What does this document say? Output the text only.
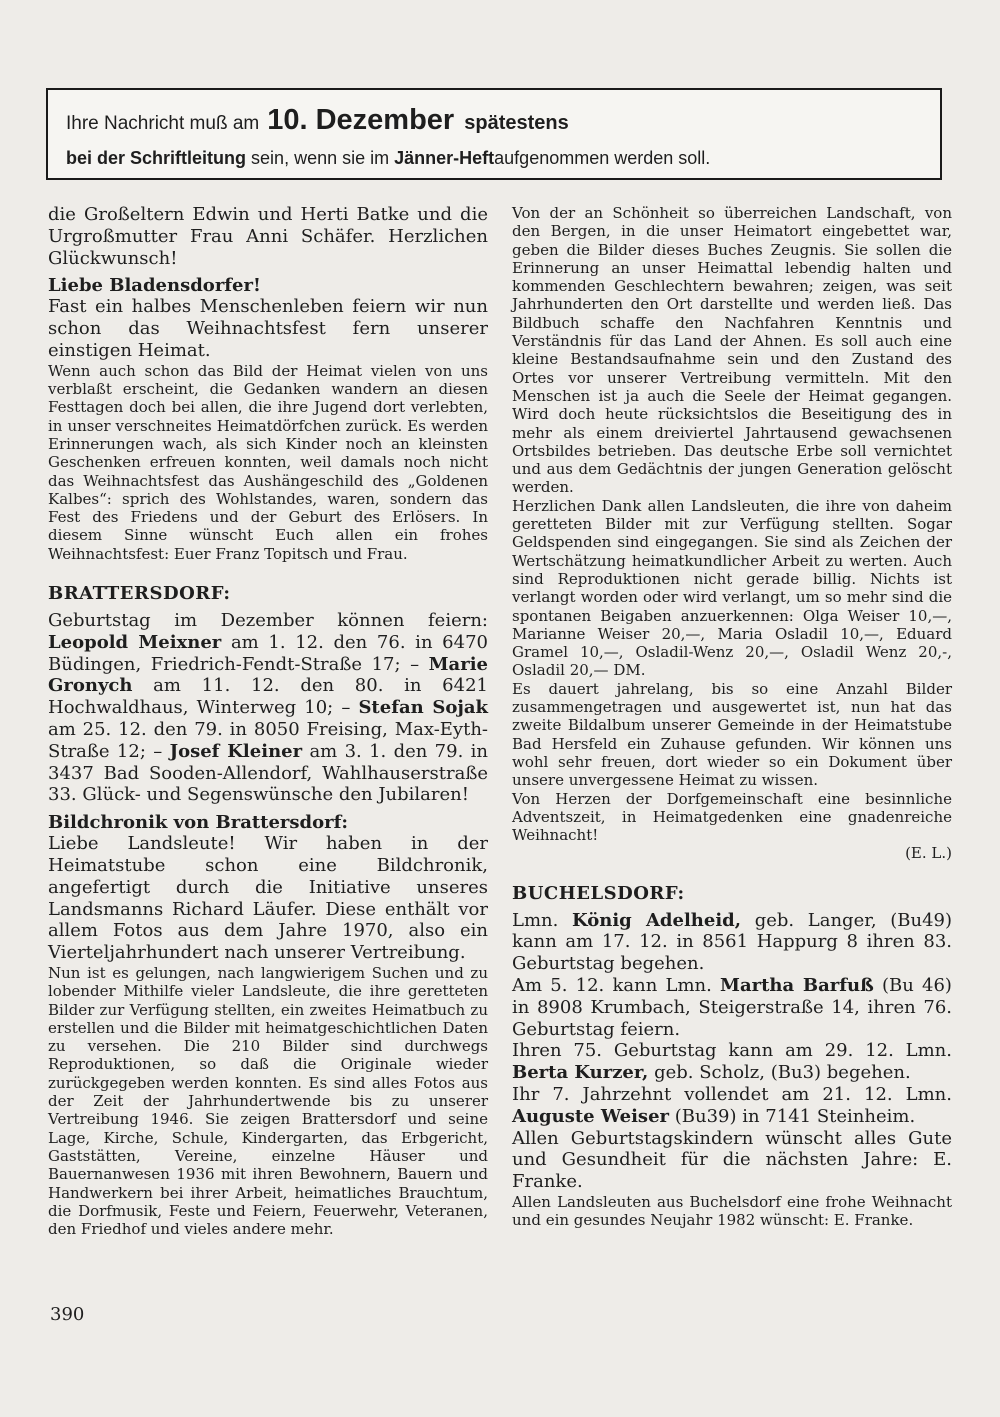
Ihre Nachricht muß am 10. Dezember spätestens
bei der Schriftleitung sein, wenn sie im Jänner-Heftaufgenommen werden soll.

die Großeltern Edwin und Herti Batke und die Urgroßmutter Frau Anni Schäfer. Herzlichen Glückwunsch!

Liebe Bladensdorfer!

Fast ein halbes Menschenleben feiern wir nun schon das Weihnachtsfest fern unserer einstigen Heimat.

Wenn auch schon das Bild der Heimat vielen von uns verblaßt erscheint, die Gedanken wandern an diesen Festtagen doch bei allen, die ihre Jugend dort verlebten, in unser verschneites Heimatdörfchen zurück. Es werden Erinnerungen wach, als sich Kinder noch an kleinsten Geschenken erfreuen konnten, weil damals noch nicht das Weihnachtsfest das Aushängeschild des „Goldenen Kalbes“: sprich des Wohlstandes, waren, sondern das Fest des Friedens und der Geburt des Erlösers. In diesem Sinne wünscht Euch allen ein frohes Weihnachtsfest: Euer Franz Topitsch und Frau.

BRATTERSDORF:

Geburtstag im Dezember können feiern: Leopold Meixner am 1. 12. den 76. in 6470 Büdingen, Friedrich-Fendt-Straße 17; – Marie Gronych am 11. 12. den 80. in 6421 Hochwaldhaus, Winterweg 10; – Stefan Sojak am 25. 12. den 79. in 8050 Freising, Max-Eyth-Straße 12; – Josef Kleiner am 3. 1. den 79. in 3437 Bad Sooden-Allendorf, Wahlhauserstraße 33. Glück- und Segenswünsche den Jubilaren!

Bildchronik von Brattersdorf:

Liebe Landsleute! Wir haben in der Heimatstube schon eine Bildchronik, angefertigt durch die Initiative unseres Landsmanns Richard Läufer. Diese enthält vor allem Fotos aus dem Jahre 1970, also ein Vierteljahrhundert nach unserer Vertreibung.

Nun ist es gelungen, nach langwierigem Suchen und zu lobender Mithilfe vieler Landsleute, die ihre geretteten Bilder zur Verfügung stellten, ein zweites Heimatbuch zu erstellen und die Bilder mit heimatgeschichtlichen Daten zu versehen. Die 210 Bilder sind durchwegs Reproduktionen, so daß die Originale wieder zurückgegeben werden konnten. Es sind alles Fotos aus der Zeit der Jahrhundertwende bis zu unserer Vertreibung 1946. Sie zeigen Brattersdorf und seine Lage, Kirche, Schule, Kindergarten, das Erbgericht, Gaststätten, Vereine, einzelne Häuser und Bauernanwesen 1936 mit ihren Bewohnern, Bauern und Handwerkern bei ihrer Arbeit, heimatliches Brauchtum, die Dorfmusik, Feste und Feiern, Feuerwehr, Veteranen, den Friedhof und vieles andere mehr.

Von der an Schönheit so überreichen Landschaft, von den Bergen, in die unser Heimatort eingebettet war, geben die Bilder dieses Buches Zeugnis. Sie sollen die Erinnerung an unser Heimattal lebendig halten und kommenden Geschlechtern bewahren; zeigen, was seit Jahrhunderten den Ort darstellte und werden ließ. Das Bildbuch schaffe den Nachfahren Kenntnis und Verständnis für das Land der Ahnen. Es soll auch eine kleine Bestandsaufnahme sein und den Zustand des Ortes vor unserer Vertreibung vermitteln. Mit den Menschen ist ja auch die Seele der Heimat gegangen. Wird doch heute rücksichtslos die Beseitigung des in mehr als einem dreiviertel Jahrtausend gewachsenen Ortsbildes betrieben. Das deutsche Erbe soll vernichtet und aus dem Gedächtnis der jungen Generation gelöscht werden.

Herzlichen Dank allen Landsleuten, die ihre von daheim geretteten Bilder mit zur Verfügung stellten. Sogar Geldspenden sind eingegangen. Sie sind als Zeichen der Wertschätzung heimatkundlicher Arbeit zu werten. Auch sind Reproduktionen nicht gerade billig. Nichts ist verlangt worden oder wird verlangt, um so mehr sind die spontanen Beigaben anzuerkennen: Olga Weiser 10,—, Marianne Weiser 20,—, Maria Osladil 10,—, Eduard Gramel 10,—, Osladil-Wenz 20,—, Osladil Wenz 20,-, Osladil 20,— DM.

Es dauert jahrelang, bis so eine Anzahl Bilder zusammengetragen und ausgewertet ist, nun hat das zweite Bildalbum unserer Gemeinde in der Heimatstube Bad Hersfeld ein Zuhause gefunden. Wir können uns wohl sehr freuen, dort wieder so ein Dokument über unsere unvergessene Heimat zu wissen.

Von Herzen der Dorfgemeinschaft eine besinnliche Adventszeit, in Heimatgedenken eine gnadenreiche Weihnacht!

(E. L.)

BUCHELSDORF:

Lmn. König Adelheid, geb. Langer, (Bu49) kann am 17. 12. in 8561 Happurg 8 ihren 83. Geburtstag begehen.

Am 5. 12. kann Lmn. Martha Barfuß (Bu 46) in 8908 Krumbach, Steigerstraße 14, ihren 76. Geburtstag feiern.

Ihren 75. Geburtstag kann am 29. 12. Lmn. Berta Kurzer, geb. Scholz, (Bu3) begehen.

Ihr 7. Jahrzehnt vollendet am 21. 12. Lmn. Auguste Weiser (Bu39) in 7141 Steinheim.

Allen Geburtstagskindern wünscht alles Gute und Gesundheit für die nächsten Jahre: E. Franke.

Allen Landsleuten aus Buchelsdorf eine frohe Weihnacht und ein gesundes Neujahr 1982 wünscht: E. Franke.

390
